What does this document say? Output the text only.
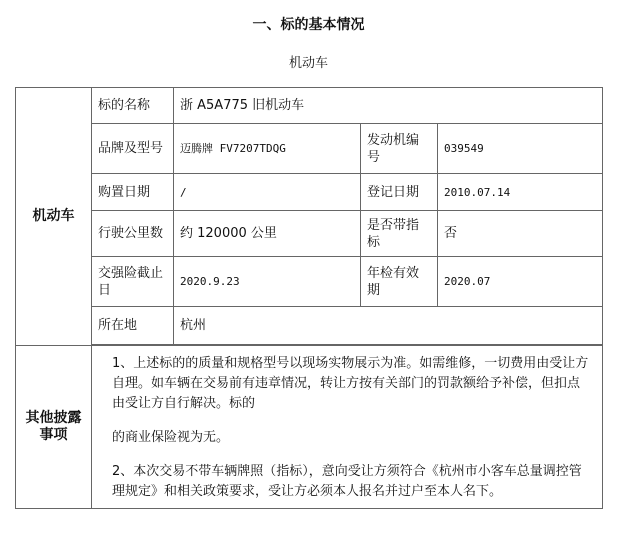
一、标的基本情况
机动车
机动车	标的名称	浙 A5A775 旧机动车		
	品牌及型号	迈腾牌 FV7207TDQG	发动机编号	039549
	购置日期	/	登记日期	2010.07.14
	行驶公里数	约 120000 公里	是否带指标	否
	交强险截止日	2020.9.23	年检有效期	2020.07
	所在地	杭州		

其他披露事项	1、上述标的的质量和规格型号以现场实物展示为准。如需维修，一切费用由受让方自理。如车辆在交易前有违章情况，转让方按有关部门的罚款额给予补偿，但扣点由受让方自行解决。标的

的商业保险视为无。

2、本次交易不带车辆牌照（指标），意向受让方须符合《杭州市小客车总量调控管理规定》和相关政策要求，受让方必须本人报名并过户至本人名下。			
